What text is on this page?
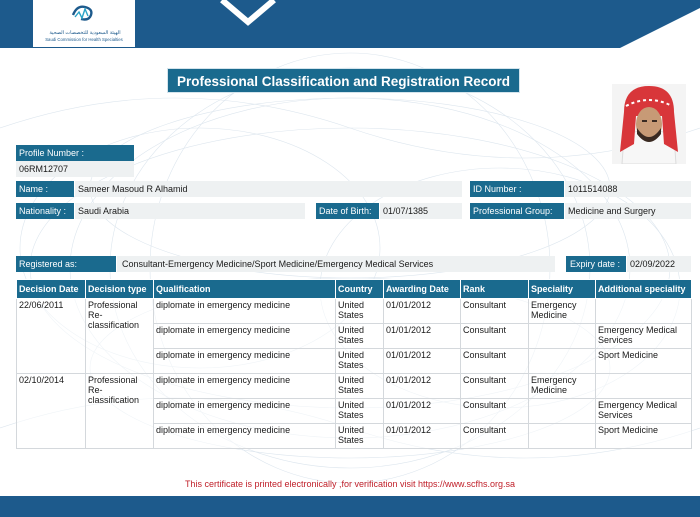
الهيئة السعودية للتخصصات الصحية
Saudi Commission for Health Specialties
Professional Classification and Registration Record
Profile Number :
06RM12707
Name :	Sameer Masoud R Alhamid	ID Number :	1011514088
Nationality :	Saudi Arabia	Date of Birth:	01/07/1385	Professional Group:	Medicine and Surgery
Registered as:	Consultant-Emergency Medicine/Sport Medicine/Emergency Medical Services	Expiry date :	02/09/2022
Decision Date	Decision type	Qualification	Country	Awarding Date	Rank	Speciality	Additional speciality
22/06/2011	Professional Re-classification	diplomate in emergency medicine	United States	01/01/2012	Consultant	Emergency Medicine	
		diplomate in emergency medicine	United States	01/01/2012	Consultant		Emergency Medical Services
		diplomate in emergency medicine	United States	01/01/2012	Consultant		Sport Medicine
02/10/2014	Professional Re-classification	diplomate in emergency medicine	United States	01/01/2012	Consultant	Emergency Medicine	
		diplomate in emergency medicine	United States	01/01/2012	Consultant		Emergency Medical Services
		diplomate in emergency medicine	United States	01/01/2012	Consultant		Sport Medicine
This certificate is printed electronically ,for verification visit https://www.scfhs.org.sa
